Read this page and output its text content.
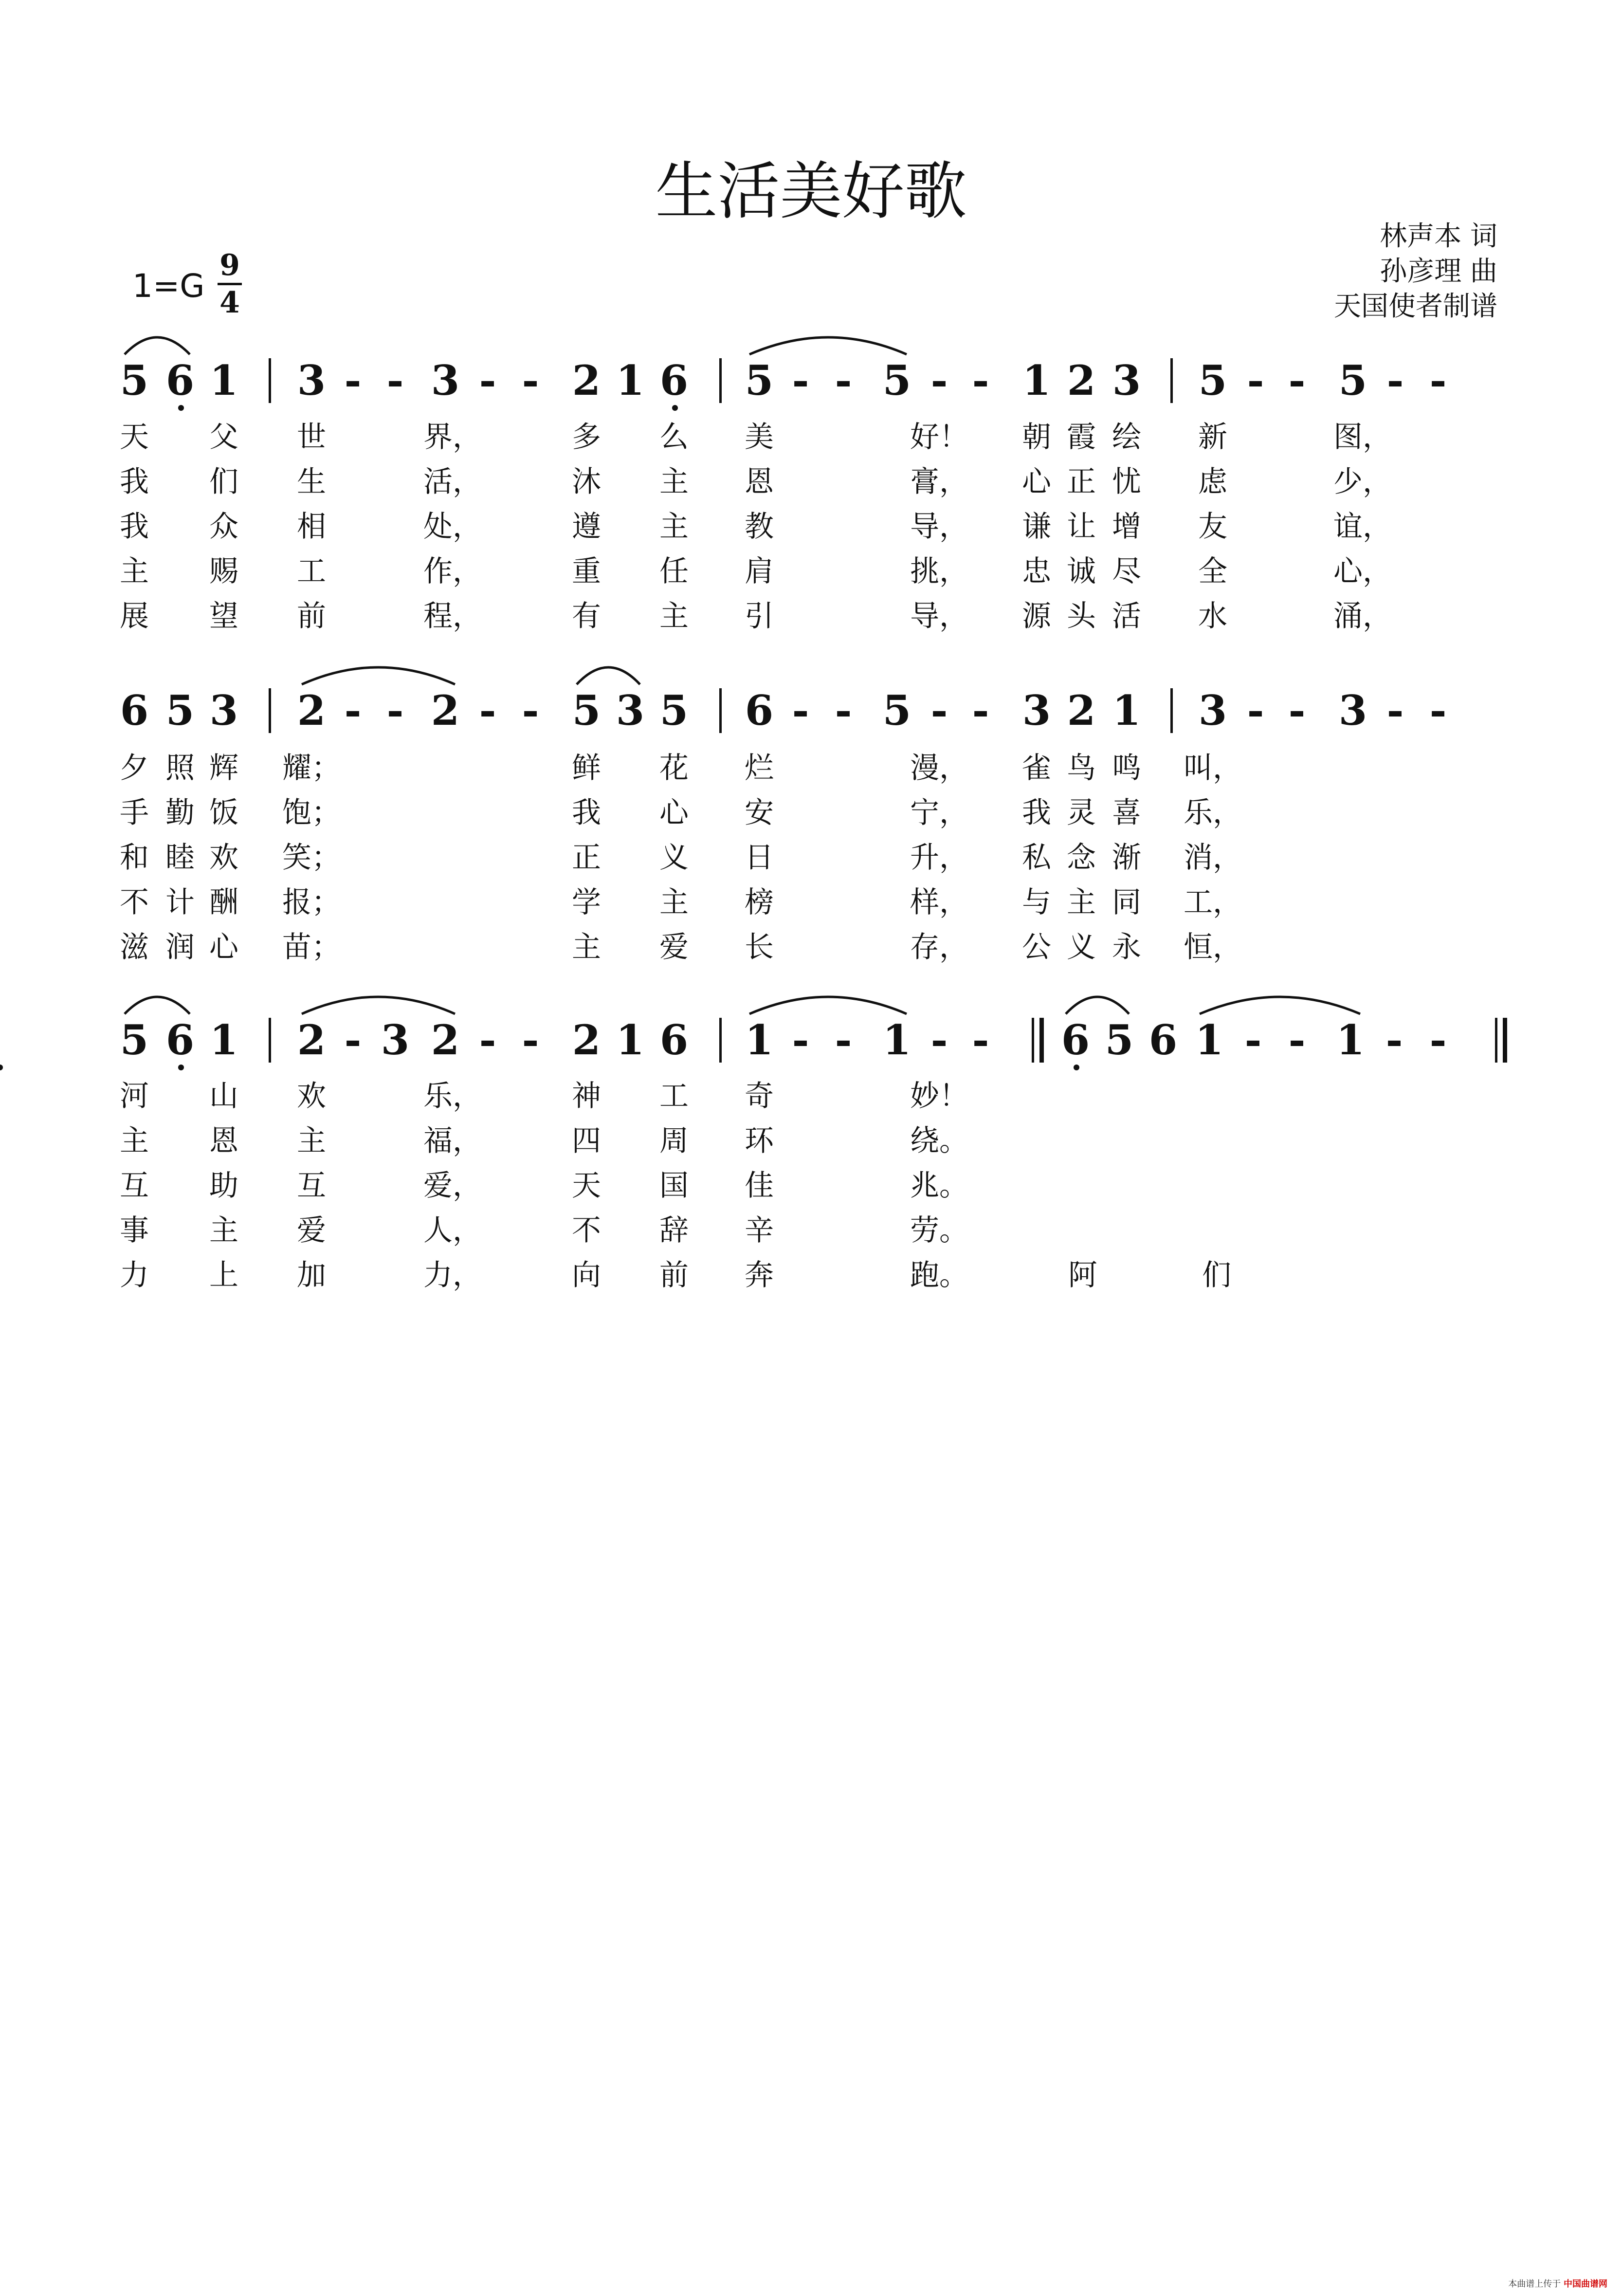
生活美好歌
林声本 词
孙彦理 曲
天国使者制谱
1=G
9
4
5 6 1 3 - - 3 - - 2 1 6 5 - - 5 - - 1 2 3 5 - - 5 - -
天 父 世	界，	多 么 美	好！ 朝 霞 绘 新	图，
我 们 生	活，	沐 主 恩	膏， 心 正 忧 虑	少，
我 众 相	处，	遵 主 教	导， 谦 让 增 友	谊，
主 赐 工	作，	重 任 肩	挑， 忠 诚 尽 全	心，
展 望 前	程，	有 主 引	导， 源 头 活 水	涌，
6 5 3 2 - - 2 - - 5 3 5 6 - - 5 - - 3 2 1 3 - - 3 - -
夕 照 辉 耀；	鲜 花 烂	漫， 雀 鸟 鸣 叫，
手 勤 饭 饱；	我 心 安	宁， 我 灵 喜 乐，
和 睦 欢 笑；	正 义 日	升， 私 念 渐 消，
不 计 酬 报；	学 主 榜	样， 与 主 同 工，
滋 润 心 苗；	主 爱 长	存， 公 义 永 恒，
5 6 1 2 - 3 2 - - 2 1 6 1 - - 1 - - 6 5 6 1 - - 1 - -
河 山 欢	乐，	神 工 奇	妙！
主 恩 主	福，	四 周 环	绕。
互 助 互	爱，	天 国 佳	兆。
事 主 爱	人，	不 辞 辛	劳。
力 上 加	力，	向 前 奔	跑。	阿	们
本曲谱上传于 中国曲谱网
